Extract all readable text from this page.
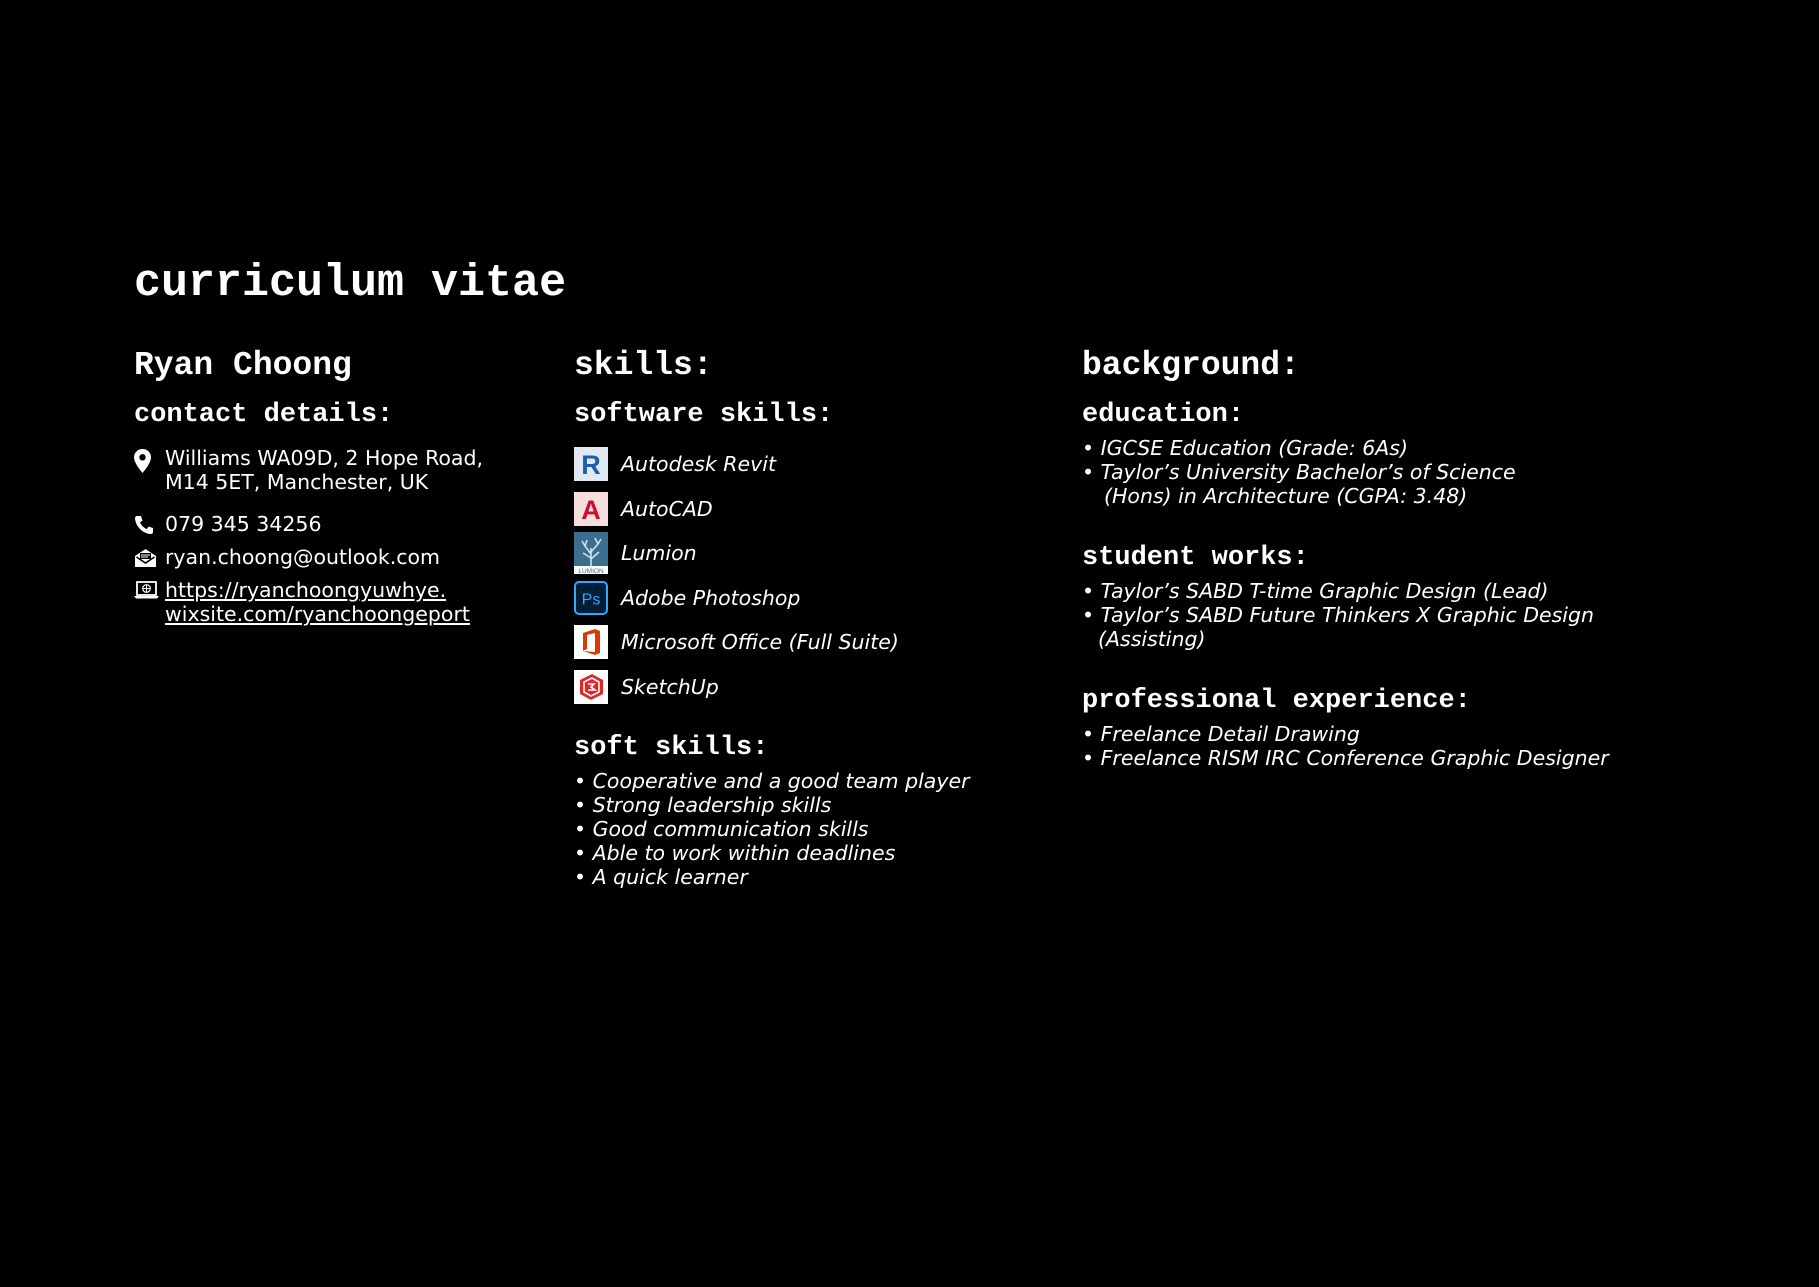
curriculum vitae
Ryan Choong
contact details:
Williams WA09D, 2 Hope Road,
M14 5ET, Manchester, UK
079 345 34256
ryan.choong@outlook.com
https://ryanchoongyuwhye. wixsite.com/ryanchoongeport
skills:
software skills:
R Autodesk Revit
A AutoCAD
LUMION
Lumion
Ps Adobe Photoshop
Microsoft Office (Full Suite)
SketchUp
soft skills:
• Cooperative and a good team player
• Strong leadership skills
• Good communication skills
• Able to work within deadlines
• A quick learner
background:
education:
• IGCSE Education (Grade: 6As)
• Taylor’s University Bachelor’s of Science
(Hons) in Architecture (CGPA: 3.48)
student works:
• Taylor’s SABD T-time Graphic Design (Lead)
• Taylor’s SABD Future Thinkers X Graphic Design
(Assisting)
professional experience:
• Freelance Detail Drawing
• Freelance RISM IRC Conference Graphic Designer
